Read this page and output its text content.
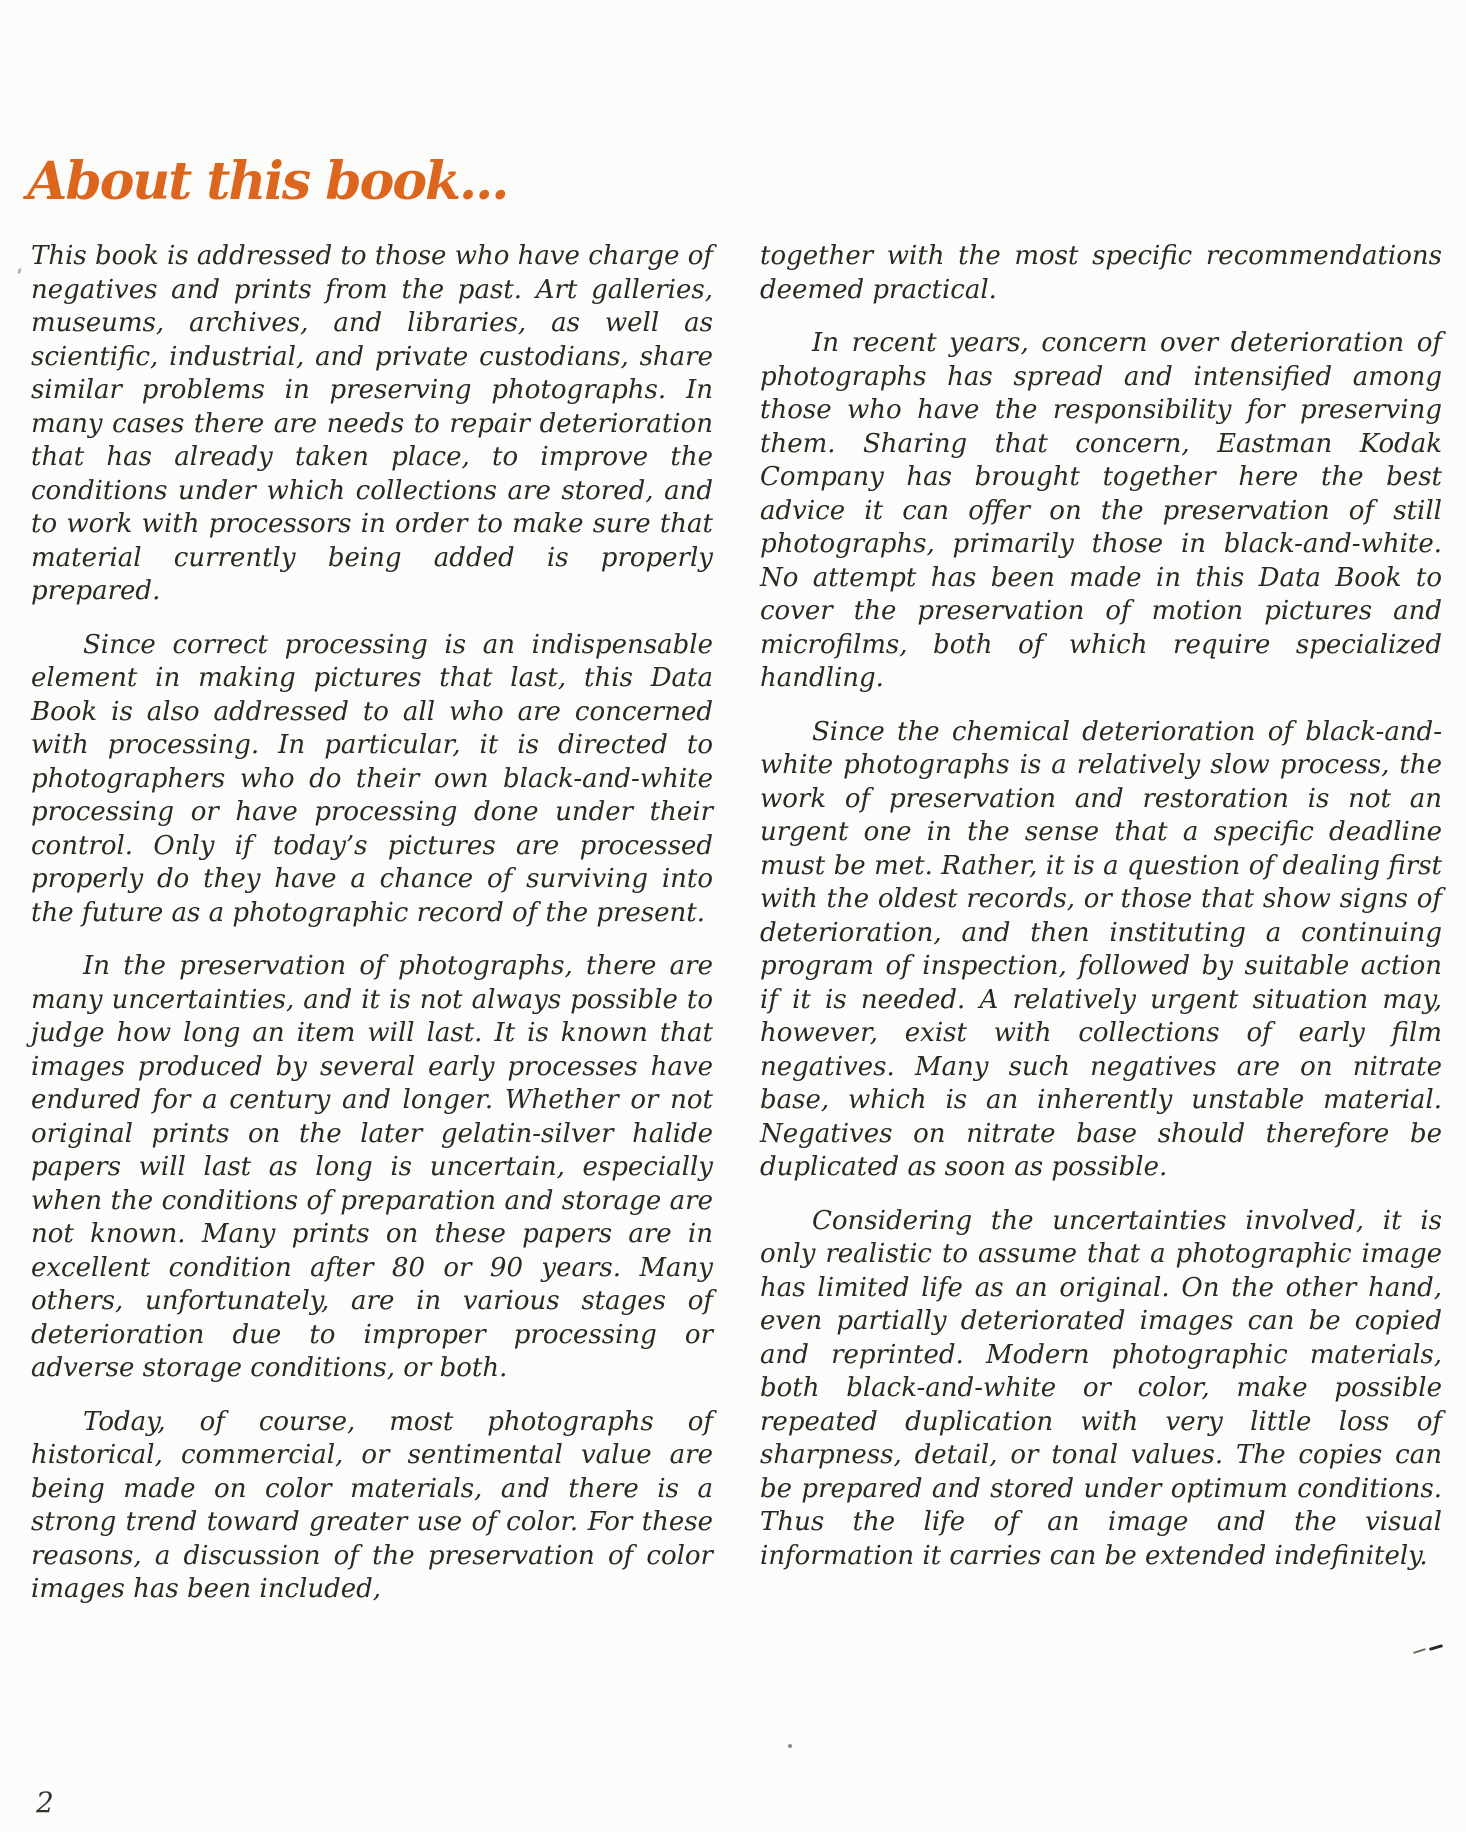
About this book...

This book is addressed to those who have charge of negatives and prints from the past. Art galleries, museums, archives, and libraries, as well as scientific, industrial, and private custodians, share similar problems in preserving photographs. In many cases there are needs to repair deterioration that has already taken place, to improve the conditions under which collections are stored, and to work with processors in order to make sure that material currently being added is properly prepared.

Since correct processing is an indispensable element in making pictures that last, this Data Book is also addressed to all who are concerned with processing. In particular, it is directed to photographers who do their own black-and-white processing or have processing done under their control. Only if today’s pictures are processed properly do they have a chance of surviving into the future as a photographic record of the present.

In the preservation of photographs, there are many uncertainties, and it is not always possible to judge how long an item will last. It is known that images produced by several early processes have endured for a century and longer. Whether or not original prints on the later gelatin-silver halide papers will last as long is uncertain, especially when the conditions of preparation and storage are not known. Many prints on these papers are in excellent condition after 80 or 90 years. Many others, unfortunately, are in various stages of deterioration due to improper processing or adverse storage conditions, or both.

Today, of course, most photographs of historical, commercial, or sentimental value are being made on color materials, and there is a strong trend toward greater use of color. For these reasons, a discussion of the preservation of color images has been included,

together with the most specific recommendations deemed practical.

In recent years, concern over deterioration of photographs has spread and intensified among those who have the responsibility for preserving them. Sharing that concern, Eastman Kodak Company has brought together here the best advice it can offer on the preservation of still photographs, primarily those in black-and-white. No attempt has been made in this Data Book to cover the preservation of motion pictures and microfilms, both of which require specialized handling.

Since the chemical deterioration of black-and-white photographs is a relatively slow process, the work of preservation and restoration is not an urgent one in the sense that a specific deadline must be met. Rather, it is a question of dealing first with the oldest records, or those that show signs of deterioration, and then instituting a continuing program of inspection, followed by suitable action if it is needed. A relatively urgent situation may, however, exist with collections of early film negatives. Many such negatives are on nitrate base, which is an inherently unstable material. Negatives on nitrate base should therefore be duplicated as soon as possible.

Considering the uncertainties involved, it is only realistic to assume that a photographic image has limited life as an original. On the other hand, even partially deteriorated images can be copied and reprinted. Modern photographic materials, both black-and-white or color, make possible repeated duplication with very little loss of sharpness, detail, or tonal values. The copies can be prepared and stored under optimum conditions. Thus the life of an image and the visual information it carries can be extended indefinitely.

2
